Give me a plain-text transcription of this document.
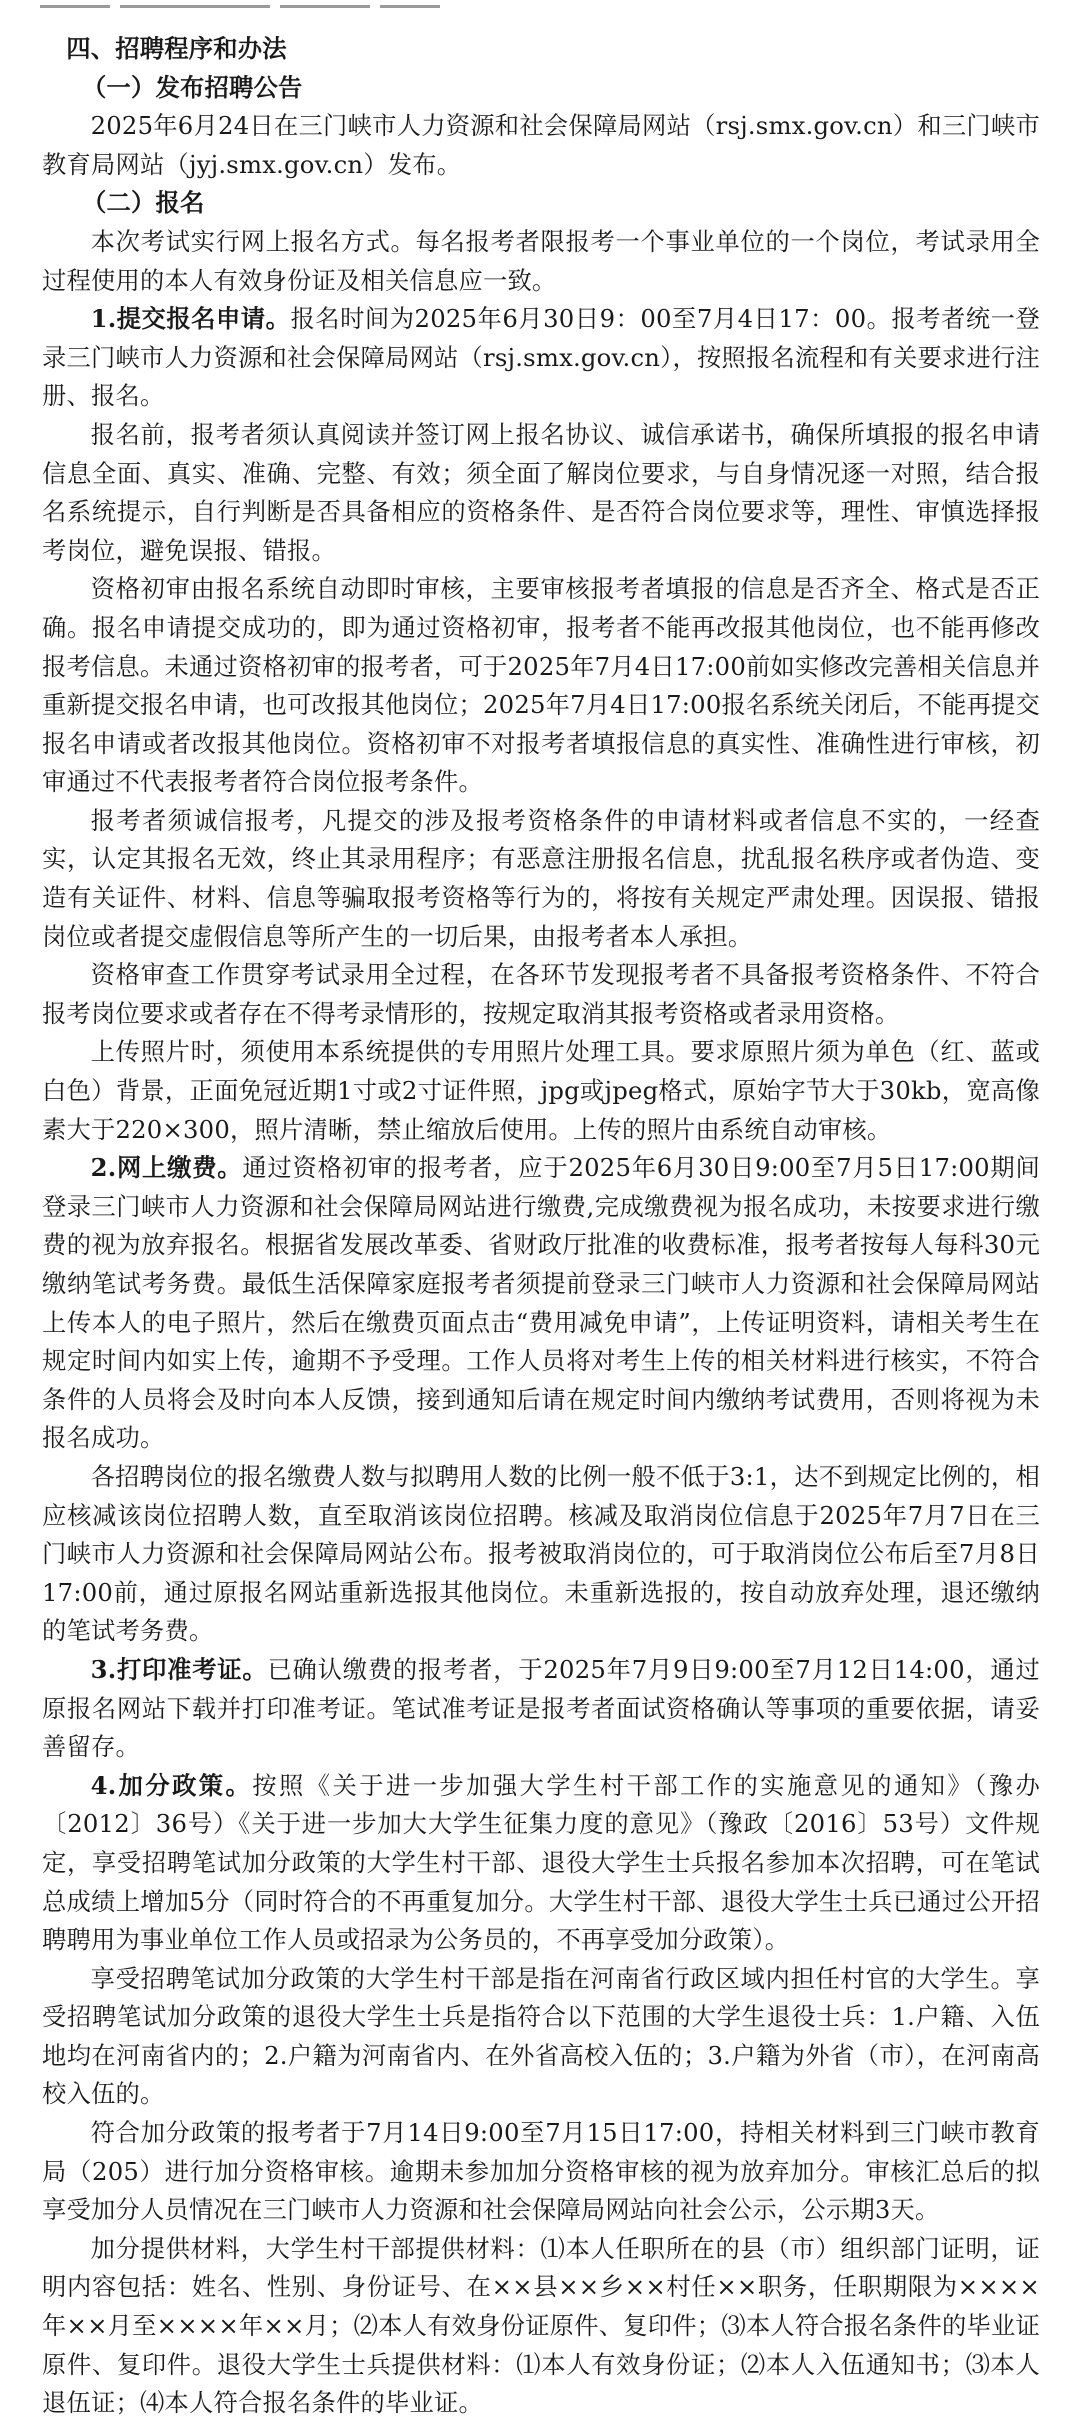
四、招聘程序和办法

（一）发布招聘公告

2025年6月24日在三门峡市人力资源和社会保障局网站（rsj.smx.gov.cn）和三门峡市教育局网站（jyj.smx.gov.cn）发布。

（二）报名

本次考试实行网上报名方式。每名报考者限报考一个事业单位的一个岗位，考试录用全过程使用的本人有效身份证及相关信息应一致。

1.提交报名申请。报名时间为2025年6月30日9：00至7月4日17：00。报考者统一登录三门峡市人力资源和社会保障局网站（rsj.smx.gov.cn），按照报名流程和有关要求进行注册、报名。

报名前，报考者须认真阅读并签订网上报名协议、诚信承诺书，确保所填报的报名申请信息全面、真实、准确、完整、有效；须全面了解岗位要求，与自身情况逐一对照，结合报名系统提示，自行判断是否具备相应的资格条件、是否符合岗位要求等，理性、审慎选择报考岗位，避免误报、错报。

资格初审由报名系统自动即时审核，主要审核报考者填报的信息是否齐全、格式是否正确。报名申请提交成功的，即为通过资格初审，报考者不能再改报其他岗位，也不能再修改报考信息。未通过资格初审的报考者，可于2025年7月4日17:00前如实修改完善相关信息并重新提交报名申请，也可改报其他岗位；2025年7月4日17:00报名系统关闭后，不能再提交报名申请或者改报其他岗位。资格初审不对报考者填报信息的真实性、准确性进行审核，初审通过不代表报考者符合岗位报考条件。

报考者须诚信报考，凡提交的涉及报考资格条件的申请材料或者信息不实的，一经查实，认定其报名无效，终止其录用程序；有恶意注册报名信息，扰乱报名秩序或者伪造、变造有关证件、材料、信息等骗取报考资格等行为的，将按有关规定严肃处理。因误报、错报岗位或者提交虚假信息等所产生的一切后果，由报考者本人承担。

资格审查工作贯穿考试录用全过程，在各环节发现报考者不具备报考资格条件、不符合报考岗位要求或者存在不得考录情形的，按规定取消其报考资格或者录用资格。

上传照片时，须使用本系统提供的专用照片处理工具。要求原照片须为单色（红、蓝或白色）背景，正面免冠近期1寸或2寸证件照，jpg或jpeg格式，原始字节大于30kb，宽高像素大于220×300，照片清晰，禁止缩放后使用。上传的照片由系统自动审核。

2.网上缴费。通过资格初审的报考者，应于2025年6月30日9:00至7月5日17:00期间登录三门峡市人力资源和社会保障局网站进行缴费,完成缴费视为报名成功，未按要求进行缴费的视为放弃报名。根据省发展改革委、省财政厅批准的收费标准，报考者按每人每科30元缴纳笔试考务费。最低生活保障家庭报考者须提前登录三门峡市人力资源和社会保障局网站上传本人的电子照片，然后在缴费页面点击“费用减免申请”，上传证明资料，请相关考生在规定时间内如实上传，逾期不予受理。工作人员将对考生上传的相关材料进行核实，不符合条件的人员将会及时向本人反馈，接到通知后请在规定时间内缴纳考试费用，否则将视为未报名成功。

各招聘岗位的报名缴费人数与拟聘用人数的比例一般不低于3:1，达不到规定比例的，相应核减该岗位招聘人数，直至取消该岗位招聘。核减及取消岗位信息于2025年7月7日在三门峡市人力资源和社会保障局网站公布。报考被取消岗位的，可于取消岗位公布后至7月8日17:00前，通过原报名网站重新选报其他岗位。未重新选报的，按自动放弃处理，退还缴纳的笔试考务费。

3.打印准考证。已确认缴费的报考者，于2025年7月9日9:00至7月12日14:00，通过原报名网站下载并打印准考证。笔试准考证是报考者面试资格确认等事项的重要依据，请妥善留存。

4.加分政策。按照《关于进一步加强大学生村干部工作的实施意见的通知》（豫办〔2012〕36号）《关于进一步加大大学生征集力度的意见》（豫政〔2016〕53号）文件规定，享受招聘笔试加分政策的大学生村干部、退役大学生士兵报名参加本次招聘，可在笔试总成绩上增加5分（同时符合的不再重复加分。大学生村干部、退役大学生士兵已通过公开招聘聘用为事业单位工作人员或招录为公务员的，不再享受加分政策）。

享受招聘笔试加分政策的大学生村干部是指在河南省行政区域内担任村官的大学生。享受招聘笔试加分政策的退役大学生士兵是指符合以下范围的大学生退役士兵：1.户籍、入伍地均在河南省内的；2.户籍为河南省内、在外省高校入伍的；3.户籍为外省（市），在河南高校入伍的。

符合加分政策的报考者于7月14日9:00至7月15日17:00，持相关材料到三门峡市教育局（205）进行加分资格审核。逾期未参加加分资格审核的视为放弃加分。审核汇总后的拟享受加分人员情况在三门峡市人力资源和社会保障局网站向社会公示，公示期3天。

加分提供材料，大学生村干部提供材料：⑴本人任职所在的县（市）组织部门证明，证明内容包括：姓名、性别、身份证号、在××县××乡××村任××职务，任职期限为××××年××月至××××年××月；⑵本人有效身份证原件、复印件；⑶本人符合报名条件的毕业证原件、复印件。退役大学生士兵提供材料：⑴本人有效身份证；⑵本人入伍通知书；⑶本人退伍证；⑷本人符合报名条件的毕业证。
